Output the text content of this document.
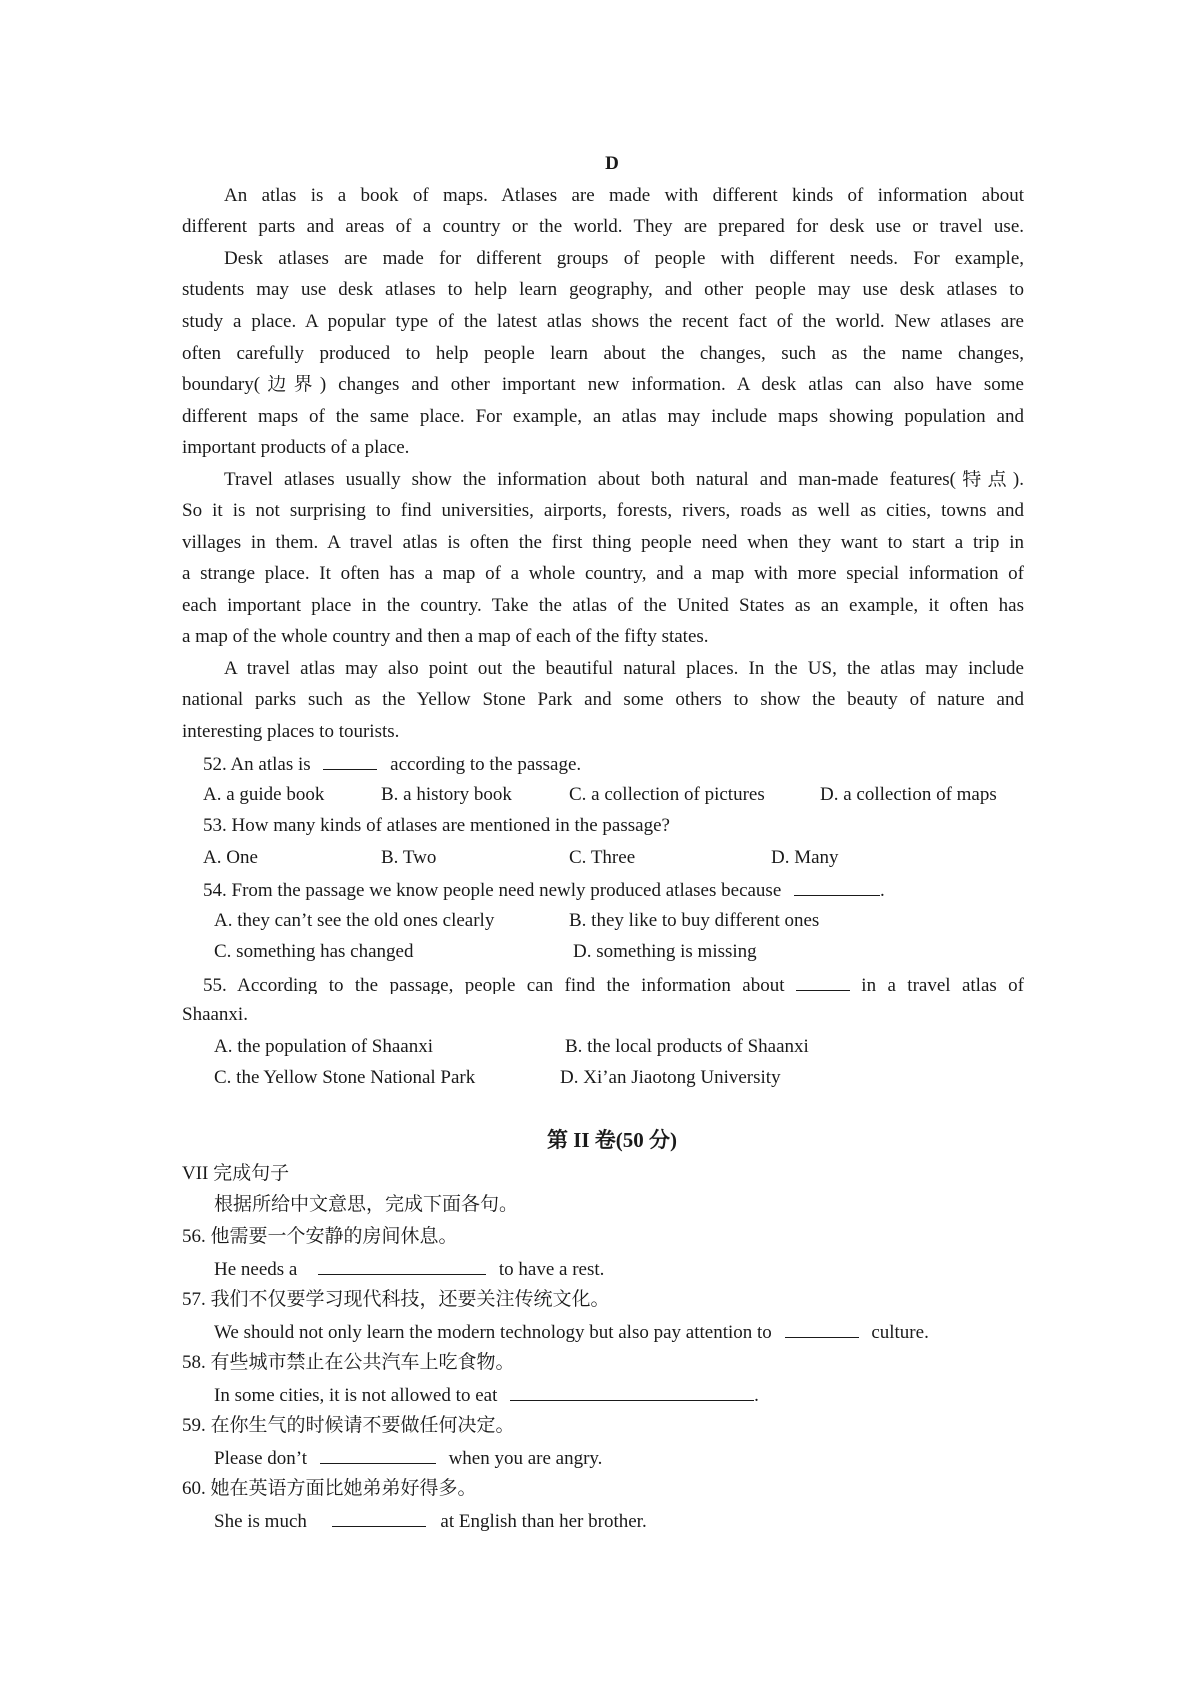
D
An atlas is a book of maps. Atlases are made with different kinds of information about
different parts and areas of a country or the world. They are prepared for desk use or travel use.
Desk atlases are made for different groups of people with different needs. For example,
students may use desk atlases to help learn geography, and other people may use desk atlases to
study a place. A popular type of the latest atlas shows the recent fact of the world. New atlases are
often carefully produced to help people learn about the changes, such as the name changes,
boundary(边界) changes and other important new information. A desk atlas can also have some
different maps of the same place. For example, an atlas may include maps showing population and
important products of a place.
Travel atlases usually show the information about both natural and man-made features(特点).
So it is not surprising to find universities, airports, forests, rivers, roads as well as cities, towns and
villages in them. A travel atlas is often the first thing people need when they want to start a trip in
a strange place. It often has a map of a whole country, and a map with more special information of
each important place in the country. Take the atlas of the United States as an example, it often has
a map of the whole country and then a map of each of the fifty states.
A travel atlas may also point out the beautiful natural places. In the US, the atlas may include
national parks such as the Yellow Stone Park and some others to show the beauty of nature and
interesting places to tourists.
52. An atlas is	according to the passage.
A. a guide book	B. a history book	C. a collection of pictures	D. a collection of maps
53. How many kinds of atlases are mentioned in the passage?
A. One	B. Two	C. Three	D. Many
54. From the passage we know people need newly produced atlases because	.
A. they can’t see the old ones clearly	B. they like to buy different ones
C. something has changed	D. something is missing
55. According to the passage, people can find the information about	in a travel atlas of
Shaanxi.
A. the population of Shaanxi	B. the local products of Shaanxi
C. the Yellow Stone National Park	D. Xi’an Jiaotong University
第 II 卷(50 分)
VII 完成句子
根据所给中文意思，完成下面各句。
56. 他需要一个安静的房间休息。
He needs a	to have a rest.
57. 我们不仅要学习现代科技，还要关注传统文化。
We should not only learn the modern technology but also pay attention to	culture.
58. 有些城市禁止在公共汽车上吃食物。
In some cities, it is not allowed to eat	.
59. 在你生气的时候请不要做任何决定。
Please don’t	when you are angry.
60. 她在英语方面比她弟弟好得多。
She is much	at English than her brother.
